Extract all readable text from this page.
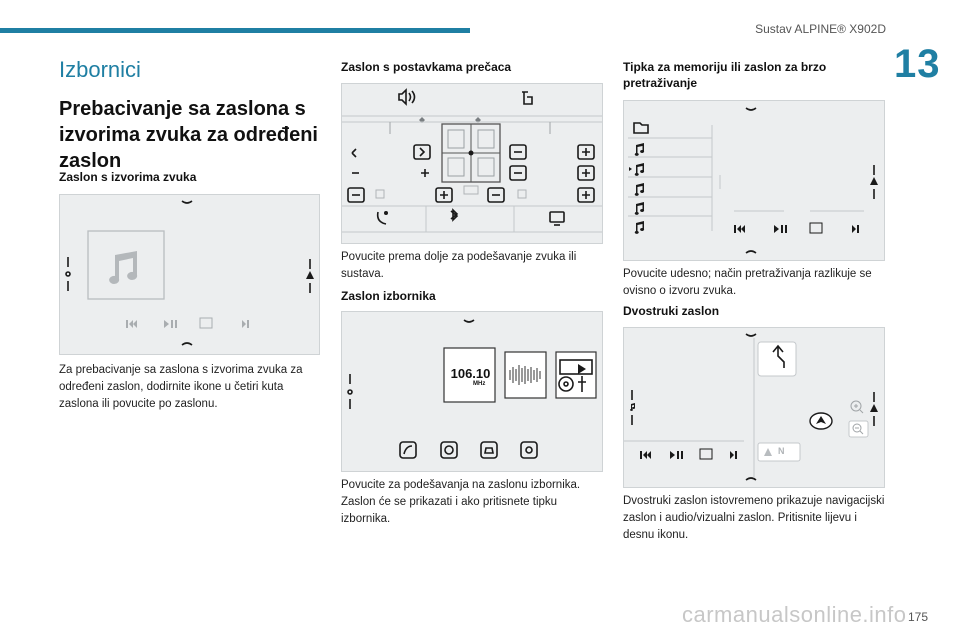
Sustav ALPINE® X902D
13
Izbornici
Prebacivanje sa zaslona s izvorima zvuka za određeni zaslon
Zaslon s izvorima zvuka
Za prebacivanje sa zaslona s izvorima zvuka za određeni zaslon, dodirnite ikone u četiri kuta zaslona ili povucite po zaslonu.
Zaslon s postavkama prečaca
Povucite prema dolje za podešavanje zvuka ili sustava.
Zaslon izbornika
106.10
MHz
Povucite za podešavanja na zaslonu izbornika. Zaslon će se prikazati i ako pritisnete tipku izbornika.
Tipka za memoriju ili zaslon za brzo pretraživanje
Povucite udesno; način pretraživanja razlikuje se ovisno o izvoru zvuka.
Dvostruki zaslon
N
Dvostruki zaslon istovremeno prikazuje navigacijski zaslon i audio/vizualni zaslon. Pritisnite lijevu i desnu ikonu.
carmanualsonline.info 175
